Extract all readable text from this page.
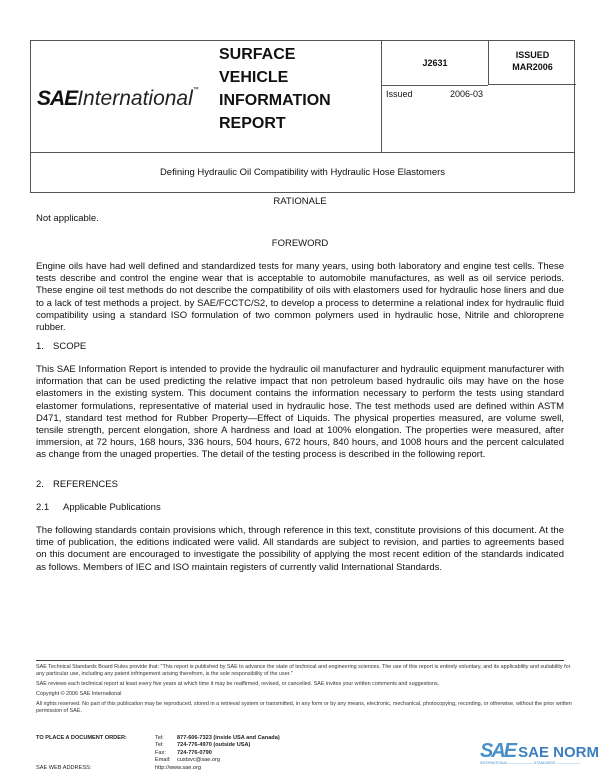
SAEInternational™
SURFACE
VEHICLE
INFORMATION
REPORT
J2631
ISSUED
MAR2006
Issued	2006-03
Defining Hydraulic Oil Compatibility with Hydraulic Hose Elastomers
RATIONALE
Not applicable.
FOREWORD
Engine oils have had well defined and standardized tests for many years, using both laboratory and engine test cells. These tests describe and control the engine wear that is acceptable to automobile manufactures, as well as oil service periods. These engine oil test methods do not describe the compatibility of oils with elastomers used for hydraulic hose liners and due to a lack of test methods a project. by SAE/FCCTC/S2, to develop a process to determine a relational index for hydraulic fluid compatibility using a standard ISO formulation of two common polymers used in hydraulic hose, Nitrile and chloroprene rubber.
1. SCOPE
This SAE Information Report is intended to provide the hydraulic oil manufacturer and hydraulic equipment manufacturer with information that can be used predicting the relative impact that non petroleum based hydraulic oils may have on the hose elastomers in the existing system. This document contains the information necessary to perform the tests using standard elastomer formulations, representative of material used in hydraulic hose. The test methods used are defined within ASTM D471, standard test method for Rubber Property—Effect of Liquids. The physical properties measured, are volume swell, tensile strength, percent elongation, shore A hardness and load at 100% elongation. The properties were measured, after immersion, at 72 hours, 168 hours, 336 hours, 504 hours, 672 hours, 840 hours, and 1008 hours and the percent calculated as change from the unaged properties. The detail of the testing process is described in the following report.
2. REFERENCES
2.1 Applicable Publications
The following standards contain provisions which, through reference in this text, constitute provisions of this document. At the time of publication, the editions indicated were valid. All standards are subject to revision, and parties to agreements based on this document are encouraged to investigate the possibility of applying the most recent edition of the standards indicated as follows. Members of IEC and ISO maintain registers of currently valid International Standards.
SAE Technical Standards Board Rules provide that: "This report is published by SAE to advance the state of technical and engineering sciences. The use of this report is entirely voluntary, and its applicability and suitability for any particular use, including any patent infringement arising therefrom, is the sole responsibility of the user."
SAE reviews each technical report at least every five years at which time it may be reaffirmed, revised, or cancelled. SAE invites your written comments and suggestions.
Copyright © 2006 SAE International
All rights reserved. No part of this publication may be reproduced, stored in a retrieval system or transmitted, in any form or by any means, electronic, mechanical, photocopying, recording, or otherwise, without the prior written permission of SAE.
TO PLACE A DOCUMENT ORDER:	Tel: 877-606-7323 (inside USA and Canada)
Tel: 724-776-4970 (outside USA)
Fax: 724-776-0790
Email: custsvc@sae.org
SAE WEB ADDRESS:	http://www.sae.org
SAE SAE NORM
INTERNATIONAL ——————— STANDARDS ———————
